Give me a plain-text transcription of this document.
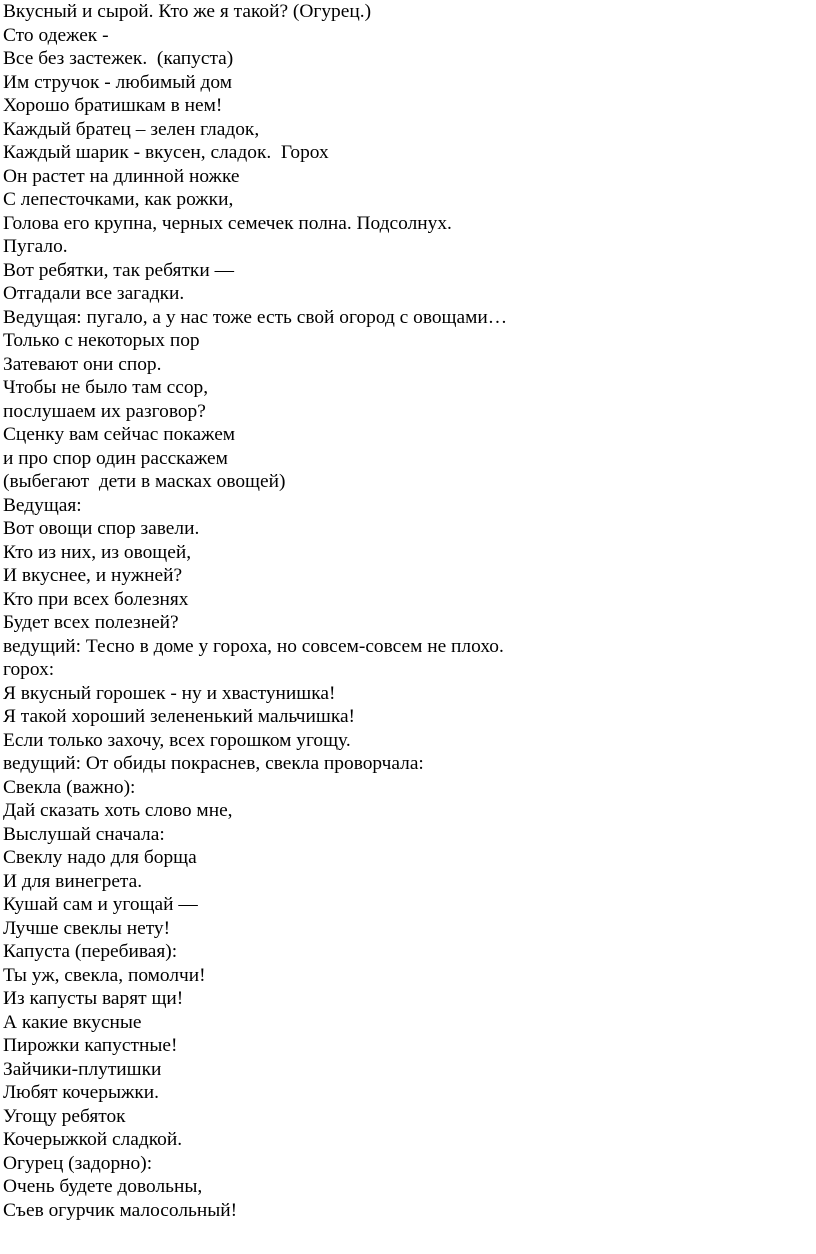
Вкусный и сырой. Кто же я такой? (Огурец.)
Сто одежек -
Все без застежек.  (капуста)
Им стручок - любимый дом
Хорошо братишкам в нем!
Каждый братец – зелен гладок,
Каждый шарик - вкусен, сладок.  Горох
Он растет на длинной ножке
С лепесточками, как рожки,
Голова его крупна, черных семечек полна. Подсолнух.
Пугало.
Вот ребятки, так ребятки —
Отгадали все загадки.
Ведущая: пугало, а у нас тоже есть свой огород с овощами…
Только с некоторых пор
Затевают они спор.
Чтобы не было там ссор,
послушаем их разговор?
Сценку вам сейчас покажем
и про спор один расскажем
(выбегают  дети в масках овощей)
Ведущая:
Вот овощи спор завели.
Кто из них, из овощей,
И вкуснее, и нужней?
Кто при всех болезнях
Будет всех полезней?
ведущий: Тесно в доме у гороха, но совсем-совсем не плохо.
горох:
Я вкусный горошек - ну и хвастунишка!
Я такой хороший зелененький мальчишка!
Если только захочу, всех горошком угощу.
ведущий: От обиды покраснев, свекла проворчала:
Свекла (важно):
Дай сказать хоть слово мне,
Выслушай сначала:
Свеклу надо для борща
И для винегрета.
Кушай сам и угощай —
Лучше свеклы нету!
Капуста (перебивая):
Ты уж, свекла, помолчи!
Из капусты варят щи!
А какие вкусные
Пирожки капустные!
Зайчики-плутишки
Любят кочерыжки.
Угощу ребяток
Кочерыжкой сладкой.
Огурец (задорно):
Очень будете довольны,
Съев огурчик малосольный!
